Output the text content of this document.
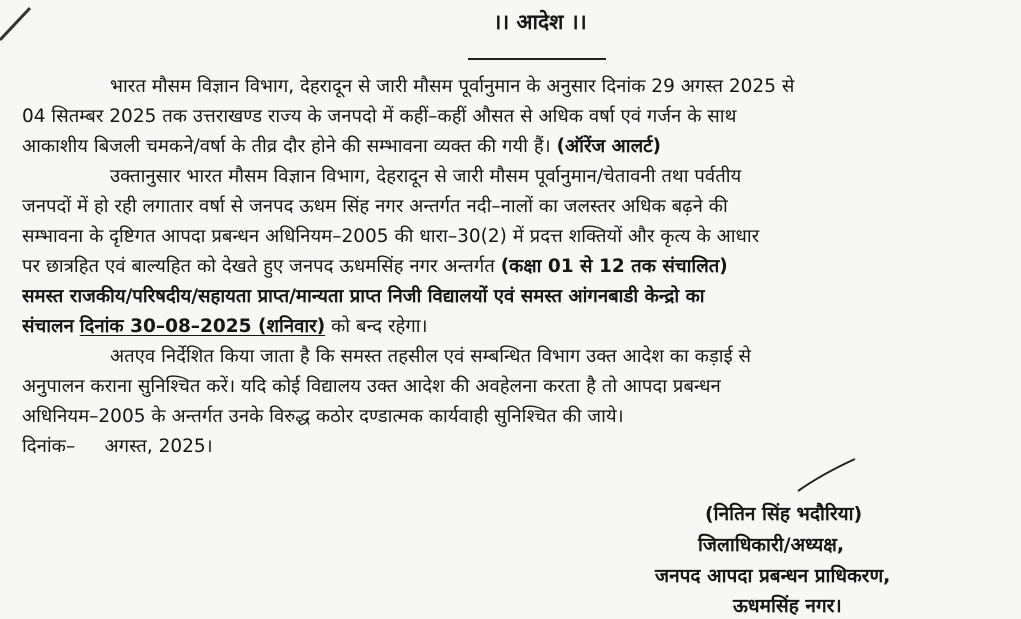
।। आदेश ।।
भारत मौसम विज्ञान विभाग, देहरादून से जारी मौसम पूर्वानुमान के अनुसार दिनांक 29 अगस्त 2025 से
04 सितम्बर 2025 तक उत्तराखण्ड राज्य के जनपदो में कहीं–कहीं औसत से अधिक वर्षा एवं गर्जन के साथ
आकाशीय बिजली चमकने/वर्षा के तीव्र दौर होने की सम्भावना व्यक्त की गयी हैं। (ऑरेंज आलर्ट)
उक्तानुसार भारत मौसम विज्ञान विभाग, देहरादून से जारी मौसम पूर्वानुमान/चेतावनी तथा पर्वतीय
जनपदों में हो रही लगातार वर्षा से जनपद ऊधम सिंह नगर अन्तर्गत नदी–नालों का जलस्तर अधिक बढ़ने की
सम्भावना के दृष्टिगत आपदा प्रबन्धन अधिनियम–2005 की धारा–30(2) में प्रदत्त शक्तियों और कृत्य के आधार
पर छात्रहित एवं बाल्यहित को देखते हुए जनपद ऊधमसिंह नगर अन्तर्गत (कक्षा 01 से 12 तक संचालित)
समस्त राजकीय/परिषदीय/सहायता प्राप्त/मान्यता प्राप्त निजी विद्यालयों एवं समस्त आंगनबाडी केन्द्रो का
संचालन दिनांक 30–08–2025 (शनिवार) को बन्द रहेगा।
अतएव निर्देशित किया जाता है कि समस्त तहसील एवं सम्बन्धित विभाग उक्त आदेश का कड़ाई से
अनुपालन कराना सुनिश्चित करें। यदि कोई विद्यालय उक्त आदेश की अवहेलना करता है तो आपदा प्रबन्धन
अधिनियम–2005 के अन्तर्गत उनके विरुद्ध कठोर दण्डात्मक कार्यवाही सुनिश्चित की जाये।
दिनांक–     अगस्त, 2025।
(नितिन सिंह भदौरिया)
जिलाधिकारी/अध्यक्ष,
जनपद आपदा प्रबन्धन प्राधिकरण,
ऊधमसिंह नगर।
